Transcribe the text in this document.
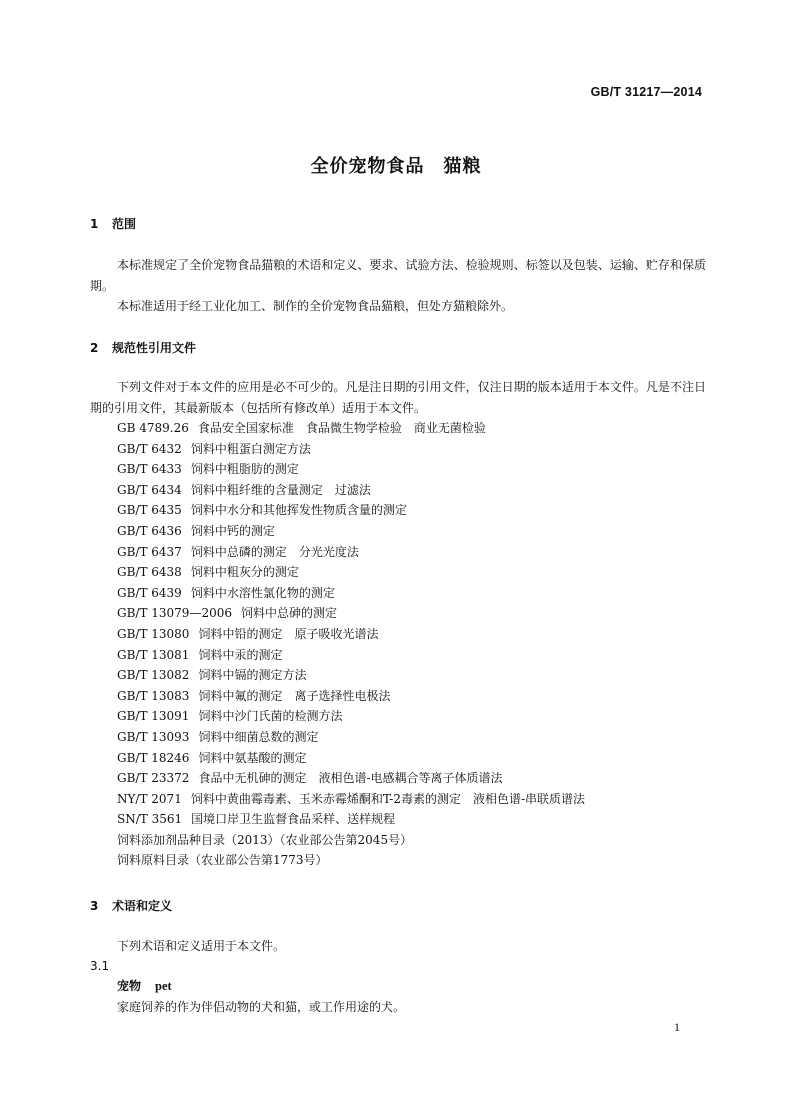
GB/T 31217—2014
全价宠物食品　猫粮
1 范围

本标准规定了全价宠物食品猫粮的术语和定义、要求、试验方法、检验规则、标签以及包装、运输、贮存和保质期。

本标准适用于经工业化加工、制作的全价宠物食品猫粮，但处方猫粮除外。

2 规范性引用文件

下列文件对于本文件的应用是必不可少的。凡是注日期的引用文件，仅注日期的版本适用于本文件。凡是不注日期的引用文件，其最新版本（包括所有修改单）适用于本文件。

GB 4789.26 食品安全国家标准　食品微生物学检验　商业无菌检验
GB/T 6432 饲料中粗蛋白测定方法
GB/T 6433 饲料中粗脂肪的测定
GB/T 6434 饲料中粗纤维的含量测定　过滤法
GB/T 6435 饲料中水分和其他挥发性物质含量的测定
GB/T 6436 饲料中钙的测定
GB/T 6437 饲料中总磷的测定　分光光度法
GB/T 6438 饲料中粗灰分的测定
GB/T 6439 饲料中水溶性氯化物的测定
GB/T 13079—2006 饲料中总砷的测定
GB/T 13080 饲料中铅的测定　原子吸收光谱法
GB/T 13081 饲料中汞的测定
GB/T 13082 饲料中镉的测定方法
GB/T 13083 饲料中氟的测定　离子选择性电极法
GB/T 13091 饲料中沙门氏菌的检测方法
GB/T 13093 饲料中细菌总数的测定
GB/T 18246 饲料中氨基酸的测定
GB/T 23372 食品中无机砷的测定　液相色谱-电感耦合等离子体质谱法
NY/T 2071 饲料中黄曲霉毒素、玉米赤霉烯酮和T-2毒素的测定　液相色谱-串联质谱法
SN/T 3561 国境口岸卫生监督食品采样、送样规程
饲料添加剂品种目录（2013）（农业部公告第2045号）
饲料原料目录（农业部公告第1773号）
3 术语和定义

下列术语和定义适用于本文件。

3.1
宠物 pet
家庭饲养的作为伴侣动物的犬和猫，或工作用途的犬。
1
